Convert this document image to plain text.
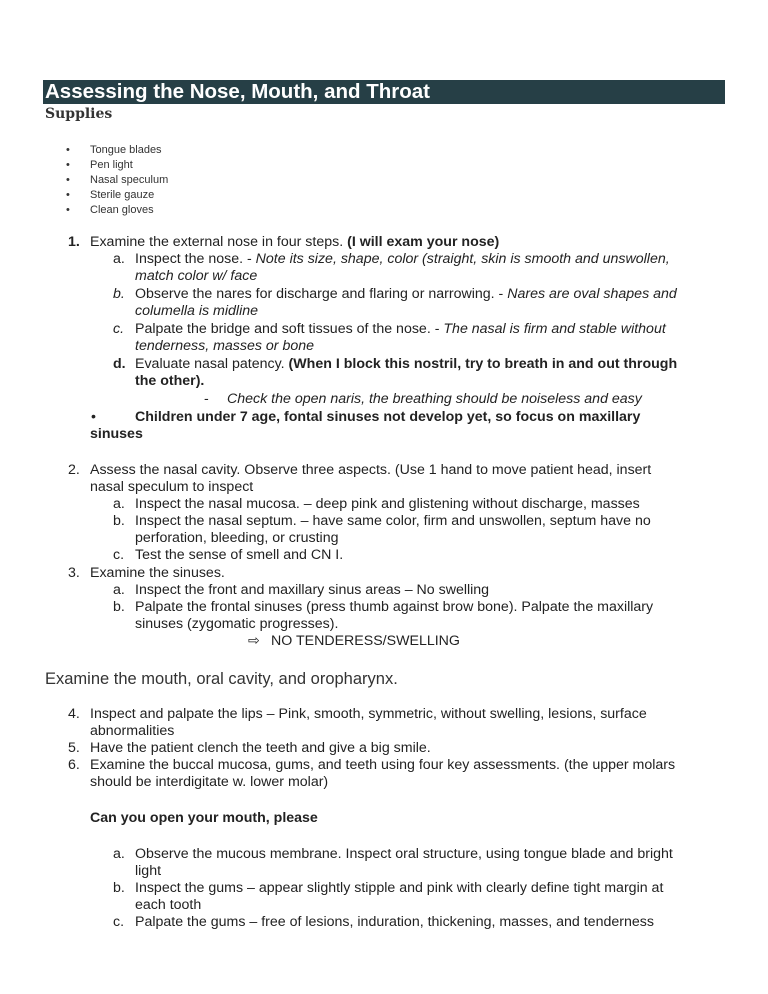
Assessing the Nose, Mouth, and Throat
Supplies
• Tongue blades
• Pen light
• Nasal speculum
• Sterile gauze
• Clean gloves
1. Examine the external nose in four steps. (I will exam your nose)
a. Inspect the nose. - Note its size, shape, color (straight, skin is smooth and unswollen,
match color w/ face
b. Observe the nares for discharge and flaring or narrowing. - Nares are oval shapes and
columella is midline
c. Palpate the bridge and soft tissues of the nose. - The nasal is firm and stable without
tenderness, masses or bone
d. Evaluate nasal patency. (When I block this nostril, try to breath in and out through
the other).
- Check the open naris, the breathing should be noiseless and easy
•	Children under 7 age, fontal sinuses not develop yet, so focus on maxillary
sinuses
2. Assess the nasal cavity. Observe three aspects. (Use 1 hand to move patient head, insert
nasal speculum to inspect
a. Inspect the nasal mucosa. – deep pink and glistening without discharge, masses
b. Inspect the nasal septum. – have same color, firm and unswollen, septum have no
perforation, bleeding, or crusting
c. Test the sense of smell and CN I.
3. Examine the sinuses.
a. Inspect the front and maxillary sinus areas – No swelling
b. Palpate the frontal sinuses (press thumb against brow bone). Palpate the maxillary
sinuses (zygomatic progresses).
⇨ NO TENDERESS/SWELLING
Examine the mouth, oral cavity, and oropharynx.
4. Inspect and palpate the lips – Pink, smooth, symmetric, without swelling, lesions, surface
abnormalities
5. Have the patient clench the teeth and give a big smile.
6. Examine the buccal mucosa, gums, and teeth using four key assessments. (the upper molars
should be interdigitate w. lower molar)
Can you open your mouth, please
a. Observe the mucous membrane. Inspect oral structure, using tongue blade and bright
light
b. Inspect the gums – appear slightly stipple and pink with clearly define tight margin at
each tooth
c. Palpate the gums – free of lesions, induration, thickening, masses, and tenderness
